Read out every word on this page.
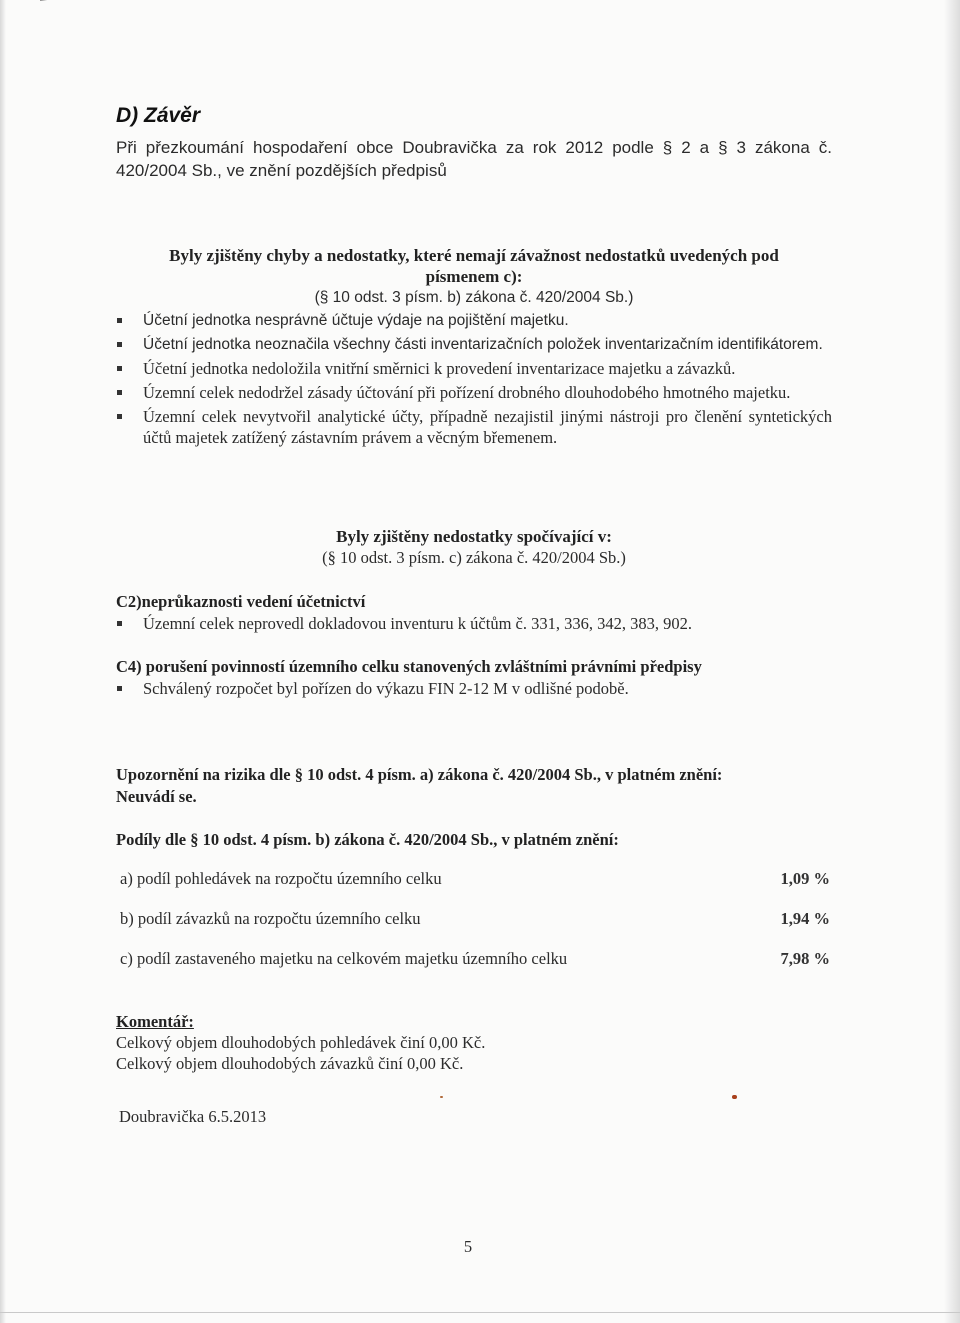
D) Závěr
Při přezkoumání hospodaření obce Doubravička za rok 2012 podle § 2 a § 3 zákona č. 420/2004 Sb., ve znění pozdějších předpisů
Byly zjištěny chyby a nedostatky, které nemají závažnost nedostatků uvedených pod
písmenem c):
(§ 10 odst. 3 písm. b) zákona č. 420/2004 Sb.)
Účetní jednotka nesprávně účtuje výdaje na pojištění majetku.
Účetní jednotka neoznačila všechny části inventarizačních položek inventarizačním identifikátorem.
Účetní jednotka nedoložila vnitřní směrnici k provedení inventarizace majetku a závazků.
Územní celek nedodržel zásady účtování při pořízení drobného dlouhodobého hmotného majetku.
Územní celek nevytvořil analytické účty, případně nezajistil jinými nástroji pro členění syntetických účtů majetek zatížený zástavním právem a věcným břemenem.
Byly zjištěny nedostatky spočívající v:
(§ 10 odst. 3 písm. c) zákona č. 420/2004 Sb.)
C2)neprůkaznosti vedení účetnictví
Územní celek neprovedl dokladovou inventuru k účtům č. 331, 336, 342, 383, 902.
C4) porušení povinností územního celku stanovených zvláštními právními předpisy
Schválený rozpočet byl pořízen do výkazu FIN 2-12 M v odlišné podobě.
Upozornění na rizika dle § 10 odst. 4 písm. a) zákona č. 420/2004 Sb., v platném znění:
Neuvádí se.
Podíly dle § 10 odst. 4 písm. b) zákona č. 420/2004 Sb., v platném znění:
a) podíl pohledávek na rozpočtu územního celku	1,09 %
b) podíl závazků na rozpočtu územního celku	1,94 %
c) podíl zastaveného majetku na celkovém majetku územního celku	7,98 %
Komentář:
Celkový objem dlouhodobých pohledávek činí 0,00 Kč.
Celkový objem dlouhodobých závazků činí 0,00 Kč.
Doubravička 6.5.2013
5
